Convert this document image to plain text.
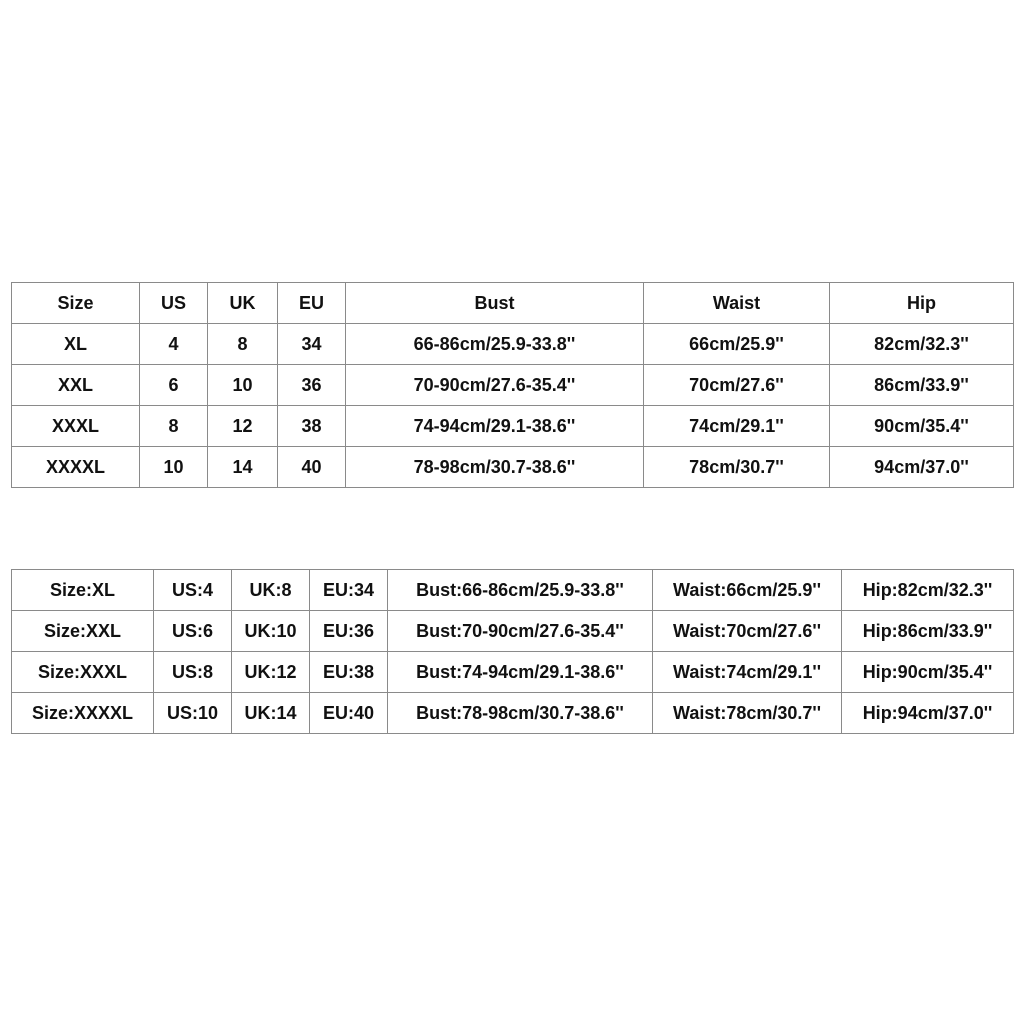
Size	US	UK	EU	Bust	Waist	Hip
XL	4	8	34	66-86cm/25.9-33.8''	66cm/25.9''	82cm/32.3''
XXL	6	10	36	70-90cm/27.6-35.4''	70cm/27.6''	86cm/33.9''
XXXL	8	12	38	74-94cm/29.1-38.6''	74cm/29.1''	90cm/35.4''
XXXXL	10	14	40	78-98cm/30.7-38.6''	78cm/30.7''	94cm/37.0''
Size:XL	US:4	UK:8	EU:34	Bust:66-86cm/25.9-33.8''	Waist:66cm/25.9''	Hip:82cm/32.3''
Size:XXL	US:6	UK:10	EU:36	Bust:70-90cm/27.6-35.4''	Waist:70cm/27.6''	Hip:86cm/33.9''
Size:XXXL	US:8	UK:12	EU:38	Bust:74-94cm/29.1-38.6''	Waist:74cm/29.1''	Hip:90cm/35.4''
Size:XXXXL	US:10	UK:14	EU:40	Bust:78-98cm/30.7-38.6''	Waist:78cm/30.7''	Hip:94cm/37.0''
